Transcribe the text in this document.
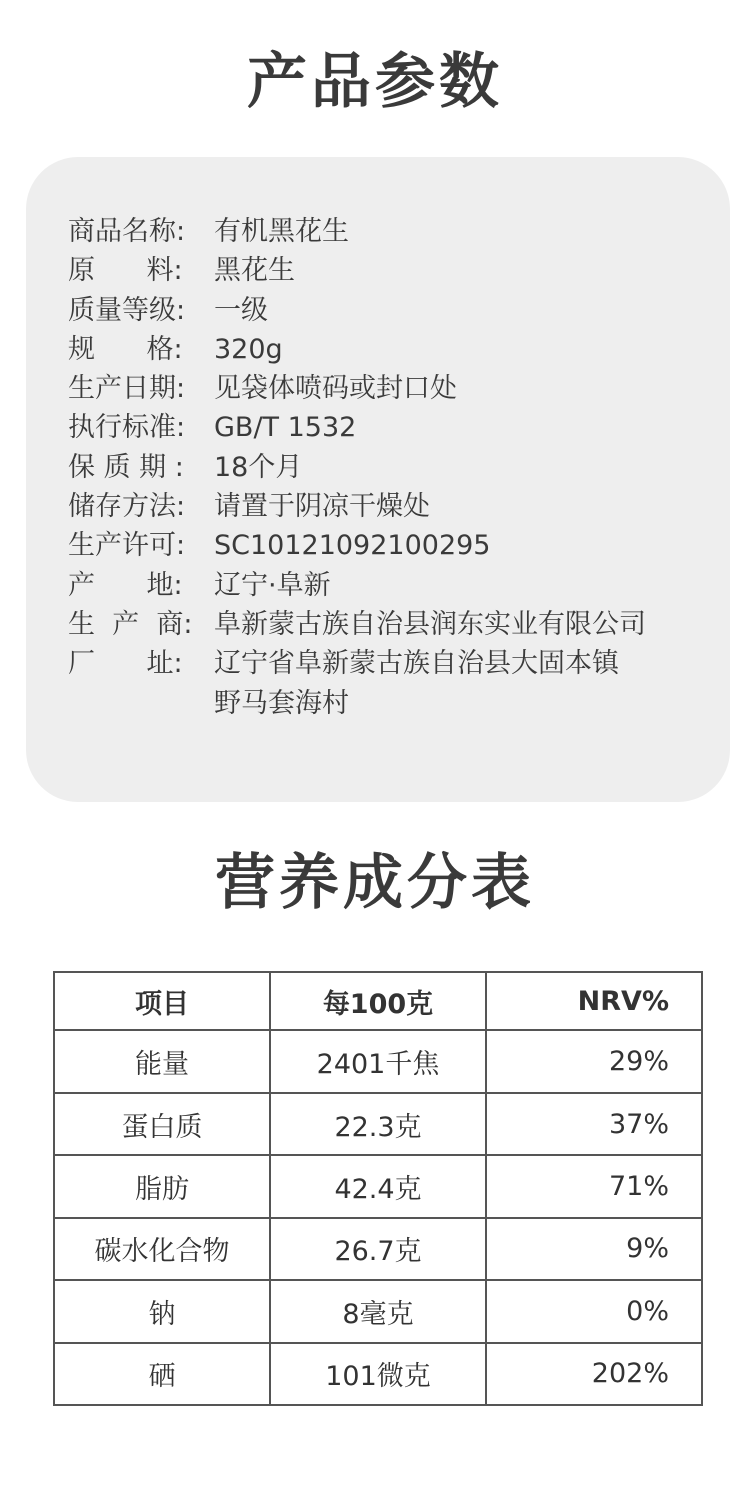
产品参数
商品名称:	有机黑花生
原      料:	黑花生
质量等级:	一级
规      格:	320g
生产日期:	见袋体喷码或封口处
执行标准:	GB/T 1532
保 质 期 :	18个月
储存方法:	请置于阴凉干燥处
生产许可:	SC10121092100295
产      地:	辽宁·阜新
生  产  商: 阜新蒙古族自治县润东实业有限公司
厂      址:	辽宁省阜新蒙古族自治县大固本镇
野马套海村
营养成分表
项目	每100克	NRV%
能量	2401千焦	29%
蛋白质	22.3克	37%
脂肪	42.4克	71%
碳水化合物	26.7克	9%
钠	8毫克	0%
硒	101微克	202%
